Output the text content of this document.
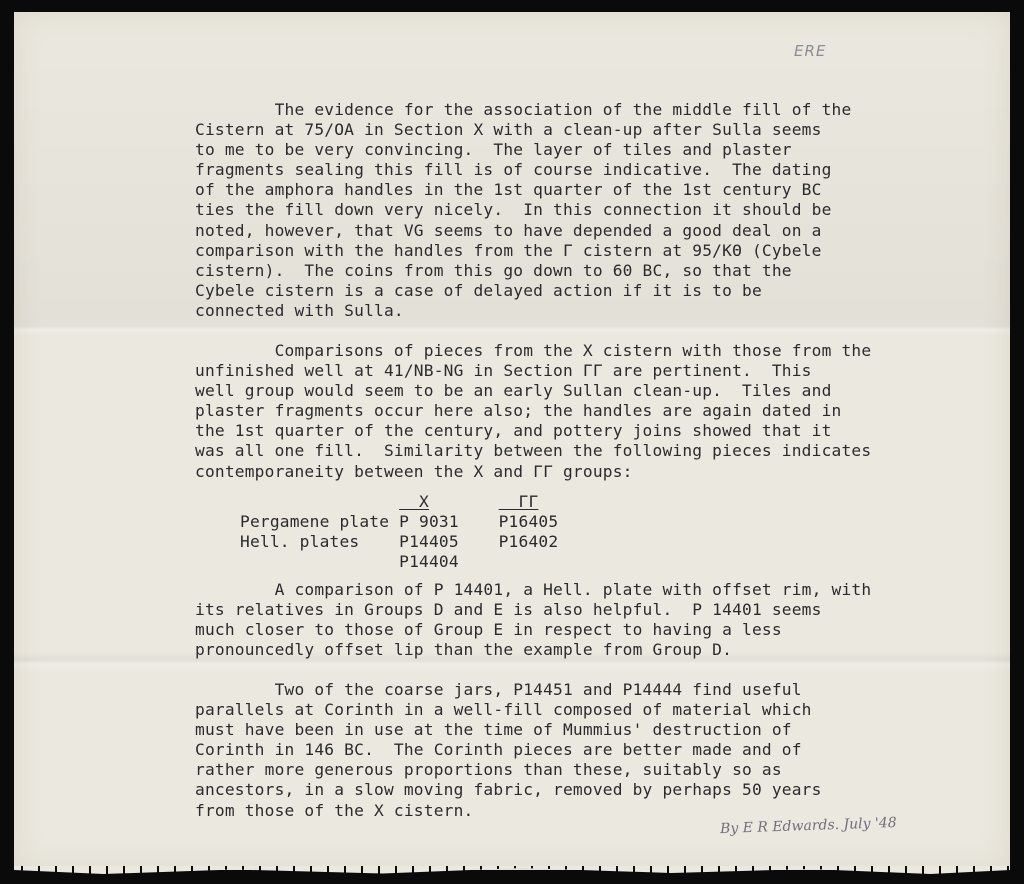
ERE
The evidence for the association of the middle fill of the
Cistern at 75/OA in Section X with a clean-up after Sulla seems
to me to be very convincing.  The layer of tiles and plaster
fragments sealing this fill is of course indicative.  The dating
of the amphora handles in the 1st quarter of the 1st century BC
ties the fill down very nicely.  In this connection it should be
noted, however, that VG seems to have depended a good deal on a
comparison with the handles from the Γ cistern at 95/KΘ (Cybele
cistern).  The coins from this go down to 60 BC, so that the
Cybele cistern is a case of delayed action if it is to be
connected with Sulla.
Comparisons of pieces from the X cistern with those from the
unfinished well at 41/NB-NG in Section ΓΓ are pertinent.  This
well group would seem to be an early Sullan clean-up.  Tiles and
plaster fragments occur here also; the handles are again dated in
the 1st quarter of the century, and pottery joins showed that it
was all one fill.  Similarity between the following pieces indicates
contemporaneity between the X and ΓΓ groups:
X	ΓΓ
Pergamene plate P 9031    P16405
Hell. plates    P14405    P16402
P14404
A comparison of P 14401, a Hell. plate with offset rim, with
its relatives in Groups D and E is also helpful.  P 14401 seems
much closer to those of Group E in respect to having a less
pronouncedly offset lip than the example from Group D.
Two of the coarse jars, P14451 and P14444 find useful
parallels at Corinth in a well-fill composed of material which
must have been in use at the time of Mummius' destruction of
Corinth in 146 BC.  The Corinth pieces are better made and of
rather more generous proportions than these, suitably so as
ancestors, in a slow moving fabric, removed by perhaps 50 years
from those of the X cistern.
By E R Edwards. July '48
